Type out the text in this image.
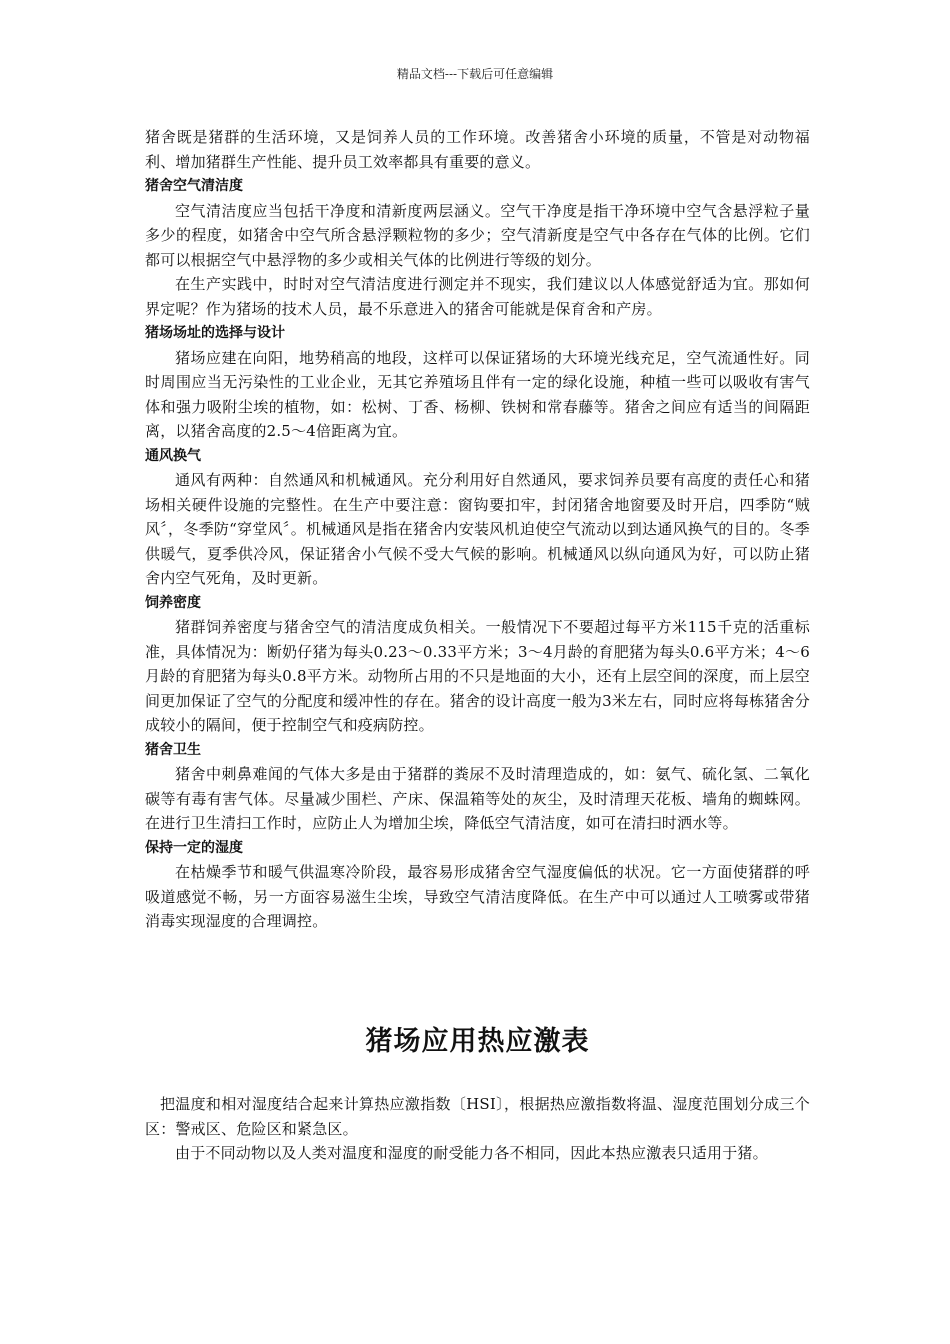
精品文档---下载后可任意编辑

猪舍既是猪群的生活环境，又是饲养人员的工作环境。改善猪舍小环境的质量，不管是对动物福利、增加猪群生产性能、提升员工效率都具有重要的意义。

猪舍空气清洁度

空气清洁度应当包括干净度和清新度两层涵义。空气干净度是指干净环境中空气含悬浮粒子量多少的程度，如猪舍中空气所含悬浮颗粒物的多少；空气清新度是空气中各存在气体的比例。它们都可以根据空气中悬浮物的多少或相关气体的比例进行等级的划分。

在生产实践中，时时对空气清洁度进行测定并不现实，我们建议以人体感觉舒适为宜。那如何界定呢？作为猪场的技术人员，最不乐意进入的猪舍可能就是保育舍和产房。

猪场场址的选择与设计

猪场应建在向阳，地势稍高的地段，这样可以保证猪场的大环境光线充足，空气流通性好。同时周围应当无污染性的工业企业，无其它养殖场且伴有一定的绿化设施，种植一些可以吸收有害气体和强力吸附尘埃的植物，如：松树、丁香、杨柳、铁树和常春藤等。猪舍之间应有适当的间隔距离，以猪舍高度的2.5～4倍距离为宜。

通风换气

通风有两种：自然通风和机械通风。充分利用好自然通风，要求饲养员要有高度的责任心和猪场相关硬件设施的完整性。在生产中要注意：窗钩要扣牢，封闭猪舍地窗要及时开启，四季防“贼风〞，冬季防“穿堂风〞。机械通风是指在猪舍内安装风机迫使空气流动以到达通风换气的目的。冬季供暖气，夏季供冷风，保证猪舍小气候不受大气候的影响。机械通风以纵向通风为好，可以防止猪舍内空气死角，及时更新。

饲养密度

猪群饲养密度与猪舍空气的清洁度成负相关。一般情况下不要超过每平方米115千克的活重标准，具体情况为：断奶仔猪为每头0.23～0.33平方米；3～4月龄的育肥猪为每头0.6平方米；4～6月龄的育肥猪为每头0.8平方米。动物所占用的不只是地面的大小，还有上层空间的深度，而上层空间更加保证了空气的分配度和缓冲性的存在。猪舍的设计高度一般为3米左右，同时应将每栋猪舍分成较小的隔间，便于控制空气和疫病防控。

猪舍卫生

猪舍中刺鼻难闻的气体大多是由于猪群的粪尿不及时清理造成的，如：氨气、硫化氢、二氧化碳等有毒有害气体。尽量减少围栏、产床、保温箱等处的灰尘，及时清理天花板、墙角的蜘蛛网。在进行卫生清扫工作时，应防止人为增加尘埃，降低空气清洁度，如可在清扫时洒水等。

保持一定的湿度

在枯燥季节和暖气供温寒冷阶段，最容易形成猪舍空气湿度偏低的状况。它一方面使猪群的呼吸道感觉不畅，另一方面容易滋生尘埃，导致空气清洁度降低。在生产中可以通过人工喷雾或带猪消毒实现湿度的合理调控。

猪场应用热应激表

把温度和相对湿度结合起来计算热应激指数〔HSI〕，根据热应激指数将温、湿度范围划分成三个区：警戒区、危险区和紧急区。

由于不同动物以及人类对温度和湿度的耐受能力各不相同，因此本热应激表只适用于猪。
